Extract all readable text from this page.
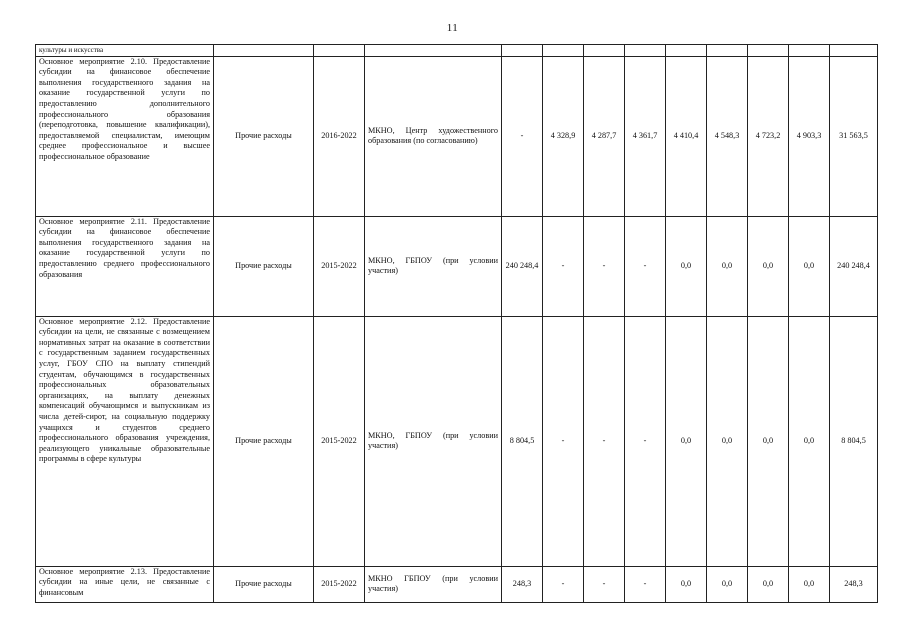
11
культуры и искусства												
Основное мероприятие 2.10. Предоставление субсидии на финансовое обеспечение выполнения государственного задания на оказание государственной услуги по предоставлению дополнительного профессионального образования (переподготовка, повышение квалификации), предоставляемой специалистам, имеющим среднее профессиональное и высшее профессиональное образование	Прочие расходы	2016-2022	МКНО, Центр художественного образования (по согласованию)	-	4 328,9	4 287,7	4 361,7	4 410,4	4 548,3	4 723,2	4 903,3	31 563,5
Основное мероприятие 2.11. Предоставление субсидии на финансовое обеспечение выполнения государственного задания на оказание государственной услуги по предоставлению среднего профессионального образования	Прочие расходы	2015-2022	МКНО, ГБПОУ (при условии участия)	240 248,4	-	-	-	0,0	0,0	0,0	0,0	240 248,4
Основное мероприятие 2.12. Предоставление субсидии на цели, не связанные с возмещением нормативных затрат на оказание в соответствии с государственным заданием государственных услуг, ГБОУ СПО на выплату стипендий студентам, обучающимся в государственных профессиональных образовательных организациях, на выплату денежных компенсаций обучающимся и выпускникам из числа детей-сирот, на социальную поддержку учащихся и студентов среднего профессионального образования учреждения, реализующего уникальные образовательные программы в сфере культуры	Прочие расходы	2015-2022	МКНО, ГБПОУ (при условии участия)	8 804,5	-	-	-	0,0	0,0	0,0	0,0	8 804,5
Основное мероприятие 2.13. Предоставление субсидии на иные цели, не связанные с финансовым	Прочие расходы	2015-2022	МКНО ГБПОУ (при условии участия)	248,3	-	-	-	0,0	0,0	0,0	0,0	248,3
